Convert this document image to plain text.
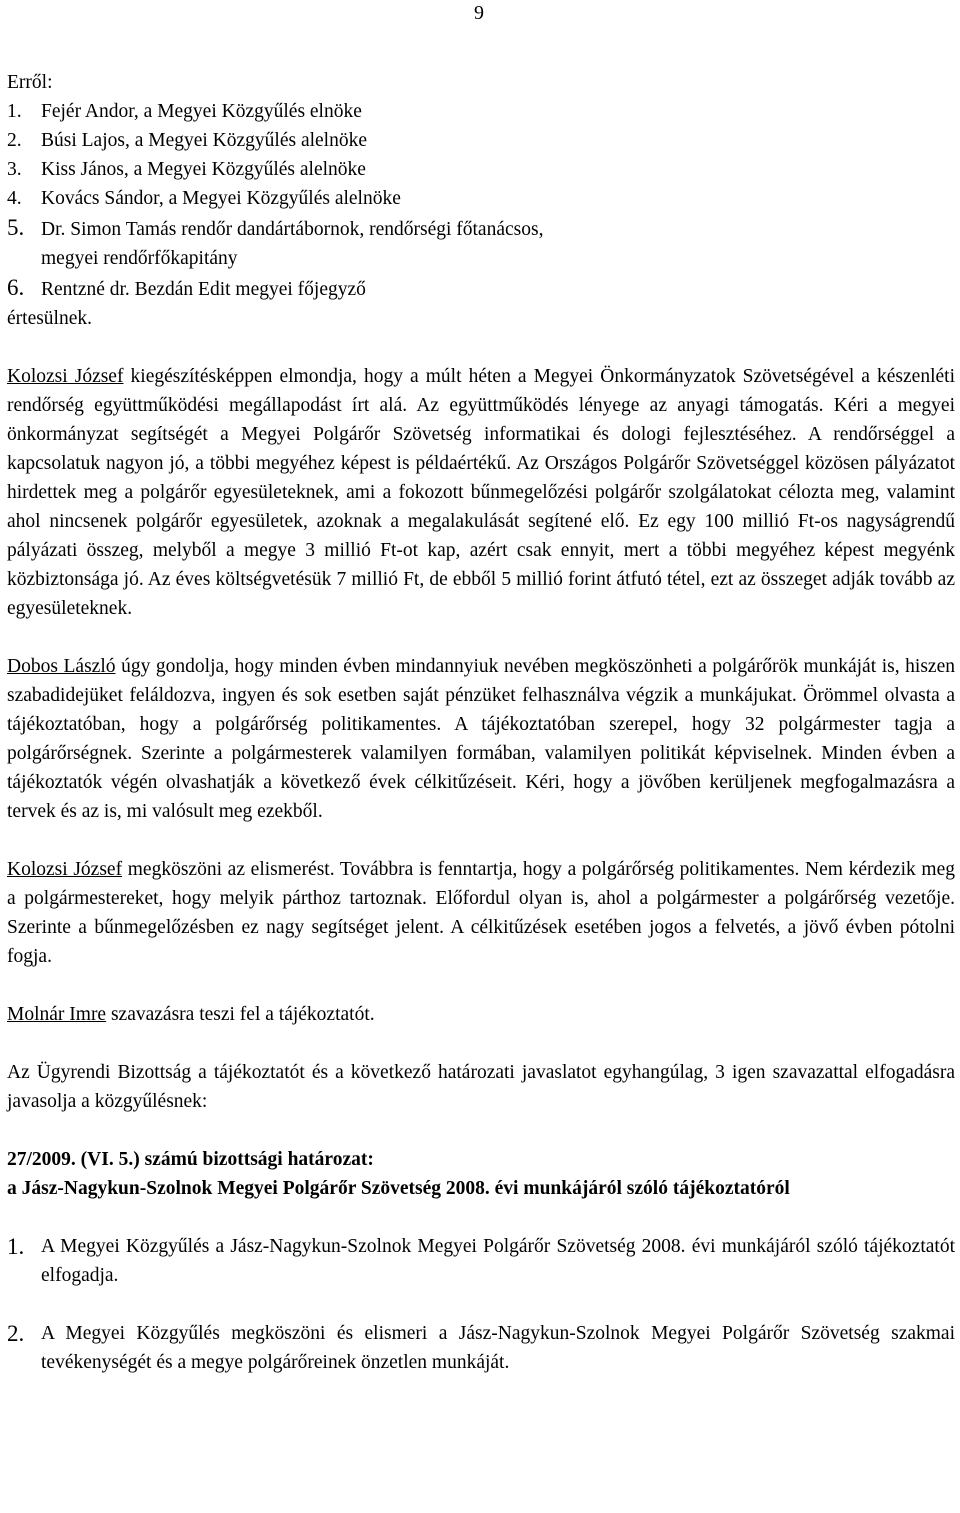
9
Erről:
1. Fejér Andor, a Megyei Közgyűlés elnöke
2. Búsi Lajos, a Megyei Közgyűlés alelnöke
3. Kiss János, a Megyei Közgyűlés alelnöke
4. Kovács Sándor, a Megyei Közgyűlés alelnöke
5. Dr. Simon Tamás rendőr dandártábornok, rendőrségi főtanácsos,
megyei rendőrfőkapitány
6. Rentzné dr. Bezdán Edit megyei főjegyző
értesülnek.

Kolozsi József kiegészítésképpen elmondja, hogy a múlt héten a Megyei Önkormányzatok Szövetségével a készenléti rendőrség együttműködési megállapodást írt alá. Az együttműködés lényege az anyagi támogatás. Kéri a megyei önkormányzat segítségét a Megyei Polgárőr Szövetség informatikai és dologi fejlesztéséhez. A rendőrséggel a kapcsolatuk nagyon jó, a többi megyéhez képest is példaértékű. Az Országos Polgárőr Szövetséggel közösen pályázatot hirdettek meg a polgárőr egyesületeknek, ami a fokozott bűnmegelőzési polgárőr szolgálatokat célozta meg, valamint ahol nincsenek polgárőr egyesületek, azoknak a megalakulását segítené elő. Ez egy 100 millió Ft-os nagyságrendű pályázati összeg, melyből a megye 3 millió Ft-ot kap, azért csak ennyit, mert a többi megyéhez képest megyénk közbiztonsága jó. Az éves költségvetésük 7 millió Ft, de ebből 5 millió forint átfutó tétel, ezt az összeget adják tovább az egyesületeknek.

Dobos László úgy gondolja, hogy minden évben mindannyiuk nevében megköszönheti a polgárőrök munkáját is, hiszen szabadidejüket feláldozva, ingyen és sok esetben saját pénzüket felhasználva végzik a munkájukat. Örömmel olvasta a tájékoztatóban, hogy a polgárőrség politikamentes. A tájékoztatóban szerepel, hogy 32 polgármester tagja a polgárőrségnek. Szerinte a polgármesterek valamilyen formában, valamilyen politikát képviselnek. Minden évben a tájékoztatók végén olvashatják a következő évek célkitűzéseit. Kéri, hogy a jövőben kerüljenek megfogalmazásra a tervek és az is, mi valósult meg ezekből.

Kolozsi József megköszöni az elismerést. Továbbra is fenntartja, hogy a polgárőrség politikamentes. Nem kérdezik meg a polgármestereket, hogy melyik párthoz tartoznak. Előfordul olyan is, ahol a polgármester a polgárőrség vezetője. Szerinte a bűnmegelőzésben ez nagy segítséget jelent. A célkitűzések esetében jogos a felvetés, a jövő évben pótolni fogja.

Molnár Imre szavazásra teszi fel a tájékoztatót.

Az Ügyrendi Bizottság a tájékoztatót és a következő határozati javaslatot egyhangúlag, 3 igen szavazattal elfogadásra javasolja a közgyűlésnek:

27/2009. (VI. 5.) számú bizottsági határozat:

a Jász-Nagykun-Szolnok Megyei Polgárőr Szövetség 2008. évi munkájáról szóló tájékoztatóról

1. A Megyei Közgyűlés a Jász-Nagykun-Szolnok Megyei Polgárőr Szövetség 2008. évi munkájáról szóló tájékoztatót elfogadja.
2. A Megyei Közgyűlés megköszöni és elismeri a Jász-Nagykun-Szolnok Megyei Polgárőr Szövetség szakmai tevékenységét és a megye polgárőreinek önzetlen munkáját.
